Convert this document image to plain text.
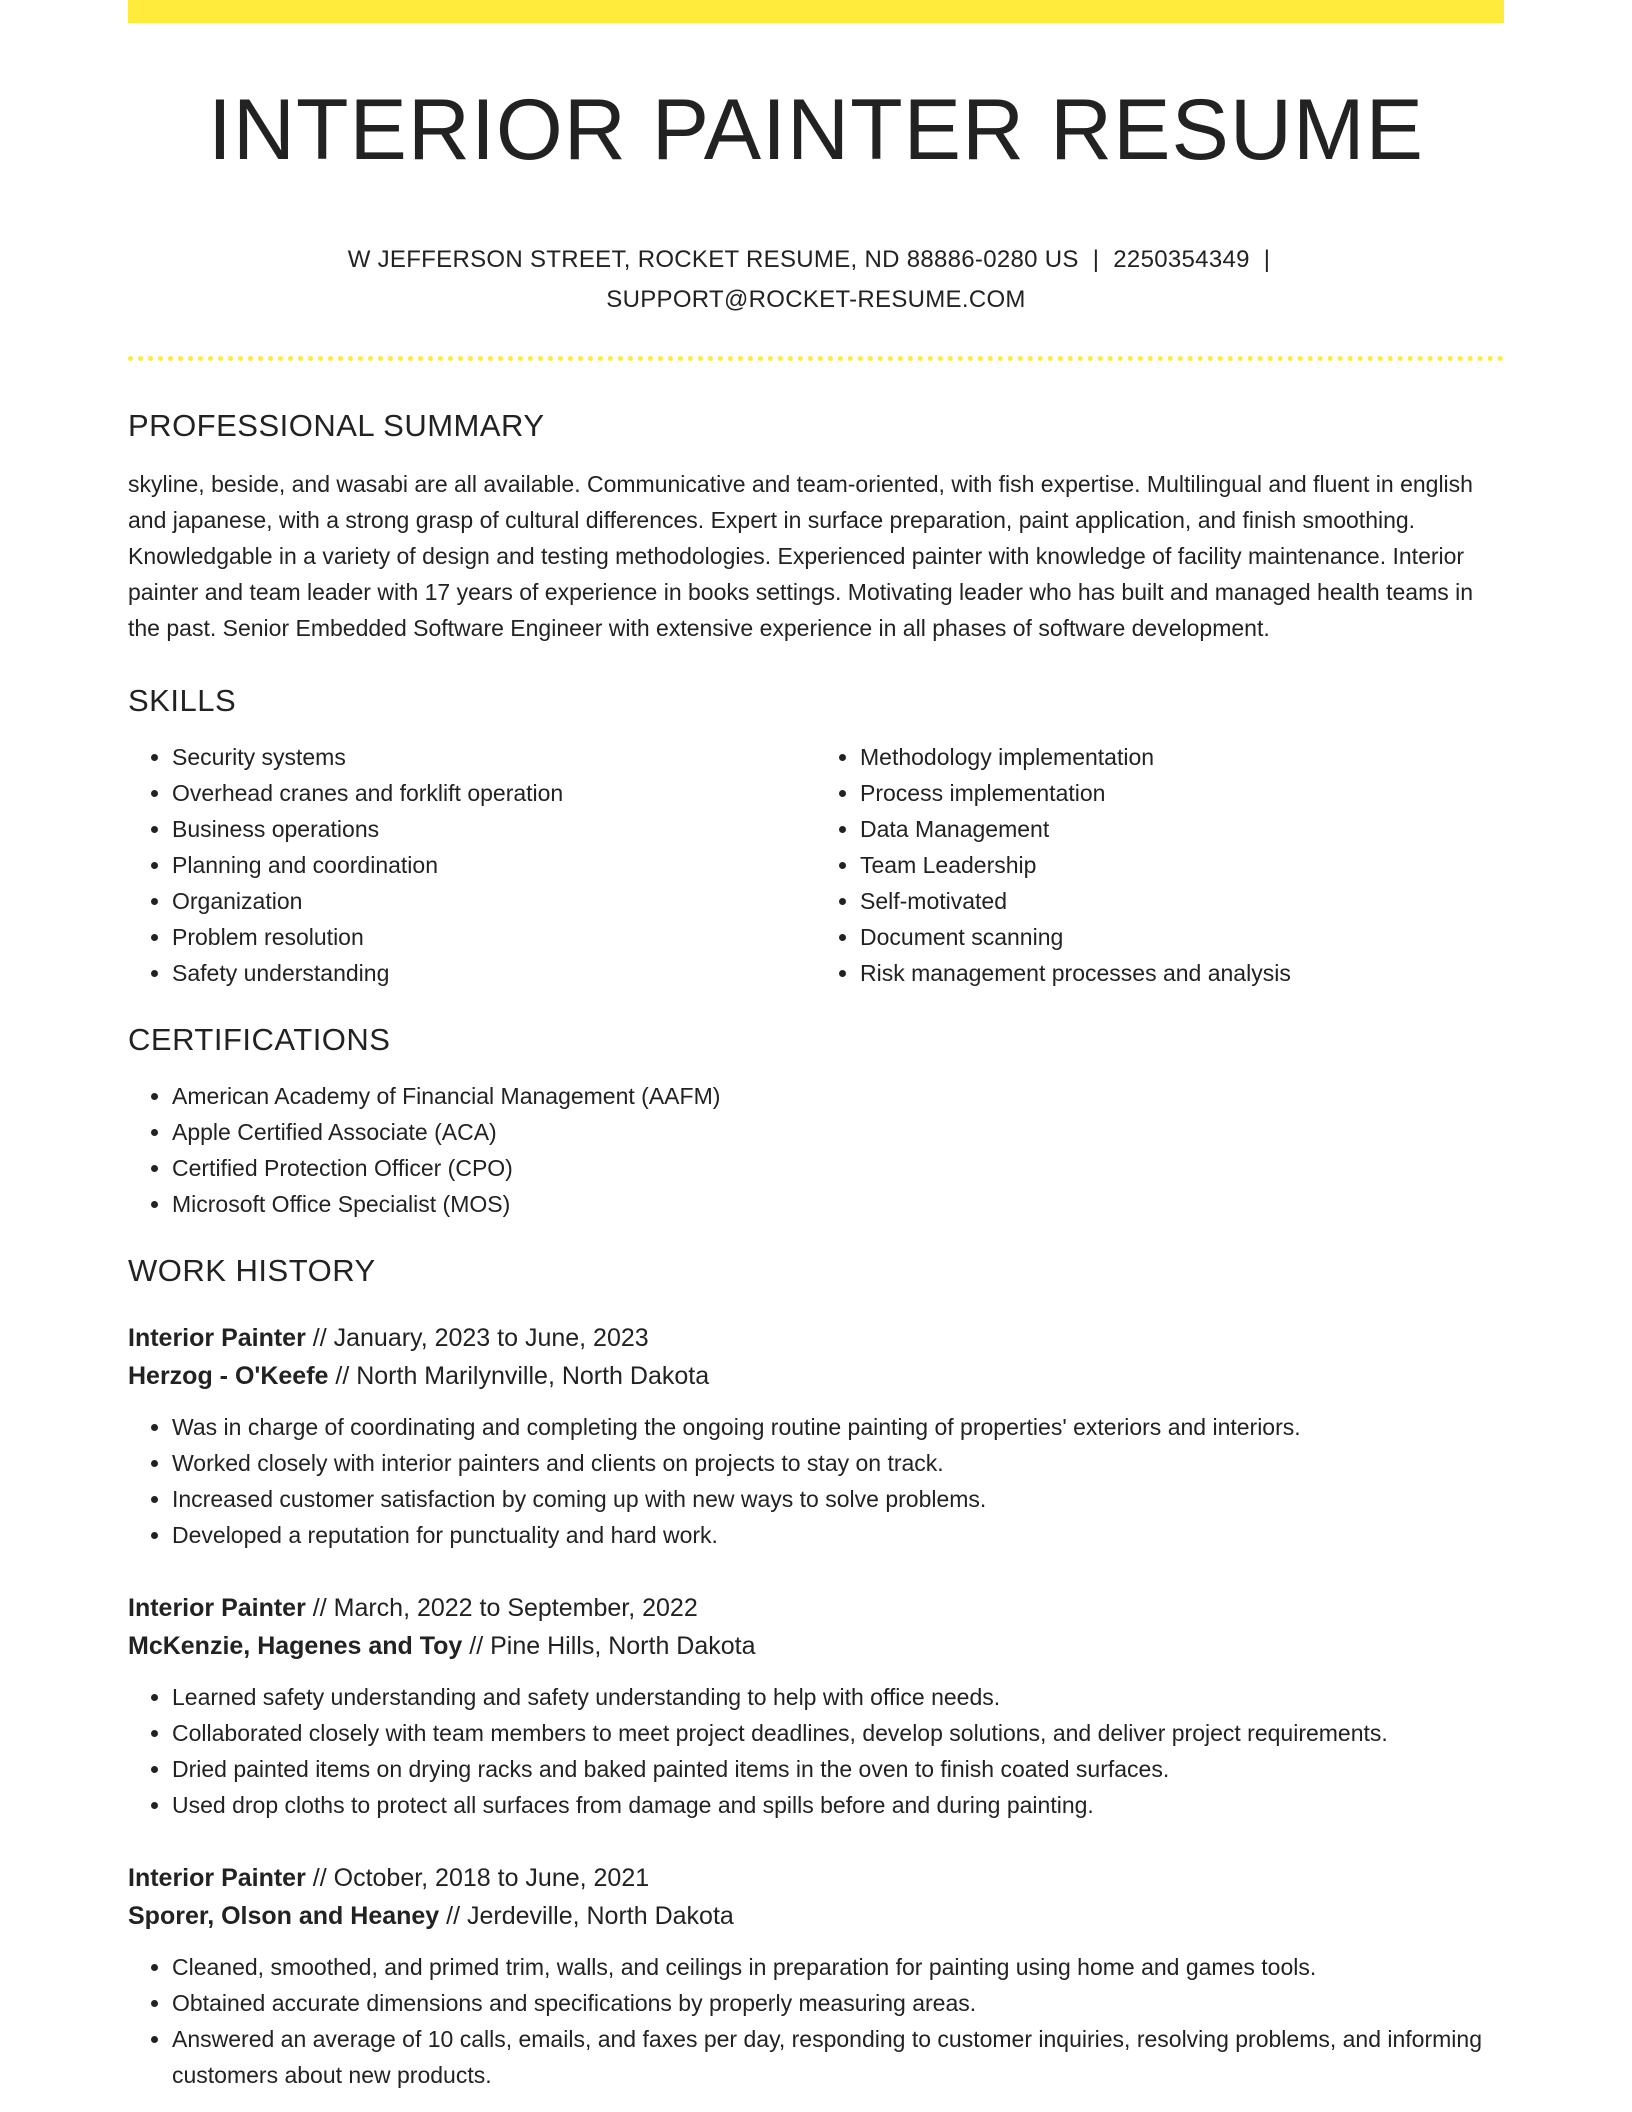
INTERIOR PAINTER RESUME
W JEFFERSON STREET, ROCKET RESUME, ND 88886-0280 US | 2250354349 |
SUPPORT@ROCKET-RESUME.COM
PROFESSIONAL SUMMARY

skyline, beside, and wasabi are all available. Communicative and team-oriented, with fish expertise. Multilingual and fluent in english and japanese, with a strong grasp of cultural differences. Expert in surface preparation, paint application, and finish smoothing. Knowledgable in a variety of design and testing methodologies. Experienced painter with knowledge of facility maintenance. Interior painter and team leader with 17 years of experience in books settings. Motivating leader who has built and managed health teams in the past. Senior Embedded Software Engineer with extensive experience in all phases of software development.

SKILLS
• Security systems
• Overhead cranes and forklift operation
• Business operations
• Planning and coordination
• Organization
• Problem resolution
• Safety understanding
• Methodology implementation
• Process implementation
• Data Management
• Team Leadership
• Self-motivated
• Document scanning
• Risk management processes and analysis
CERTIFICATIONS
• American Academy of Financial Management (AAFM)
• Apple Certified Associate (ACA)
• Certified Protection Officer (CPO)
• Microsoft Office Specialist (MOS)
WORK HISTORY
Interior Painter // January, 2023 to June, 2023
Herzog - O'Keefe // North Marilynville, North Dakota
• Was in charge of coordinating and completing the ongoing routine painting of properties' exteriors and interiors.
• Worked closely with interior painters and clients on projects to stay on track.
• Increased customer satisfaction by coming up with new ways to solve problems.
• Developed a reputation for punctuality and hard work.
Interior Painter // March, 2022 to September, 2022
McKenzie, Hagenes and Toy // Pine Hills, North Dakota
• Learned safety understanding and safety understanding to help with office needs.
• Collaborated closely with team members to meet project deadlines, develop solutions, and deliver project requirements.
• Dried painted items on drying racks and baked painted items in the oven to finish coated surfaces.
• Used drop cloths to protect all surfaces from damage and spills before and during painting.
Interior Painter // October, 2018 to June, 2021
Sporer, Olson and Heaney // Jerdeville, North Dakota
• Cleaned, smoothed, and primed trim, walls, and ceilings in preparation for painting using home and games tools.
• Obtained accurate dimensions and specifications by properly measuring areas.
• Answered an average of 10 calls, emails, and faxes per day, responding to customer inquiries, resolving problems, and informing customers about new products.
